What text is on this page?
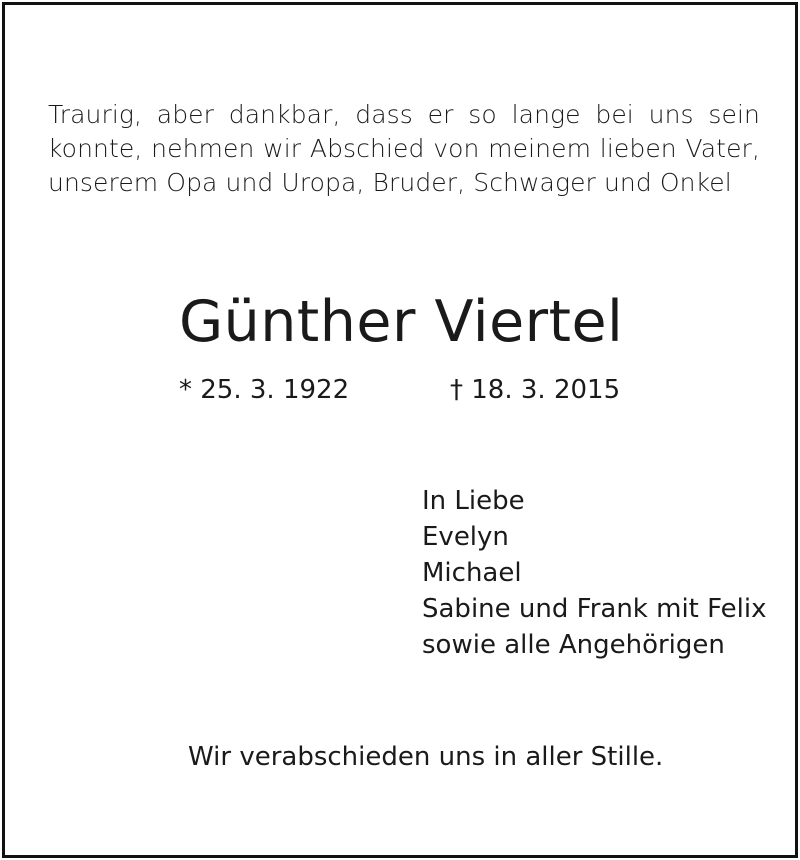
Traurig, aber dankbar, dass er so lange bei uns sein
konnte, nehmen wir Abschied von meinem lieben Vater,
unserem Opa und Uropa, Bruder, Schwager und Onkel
Günther Viertel
* 25. 3. 1922	† 18. 3. 2015
In Liebe
Evelyn
Michael
Sabine und Frank mit Felix
sowie alle Angehörigen
Wir verabschieden uns in aller Stille.
